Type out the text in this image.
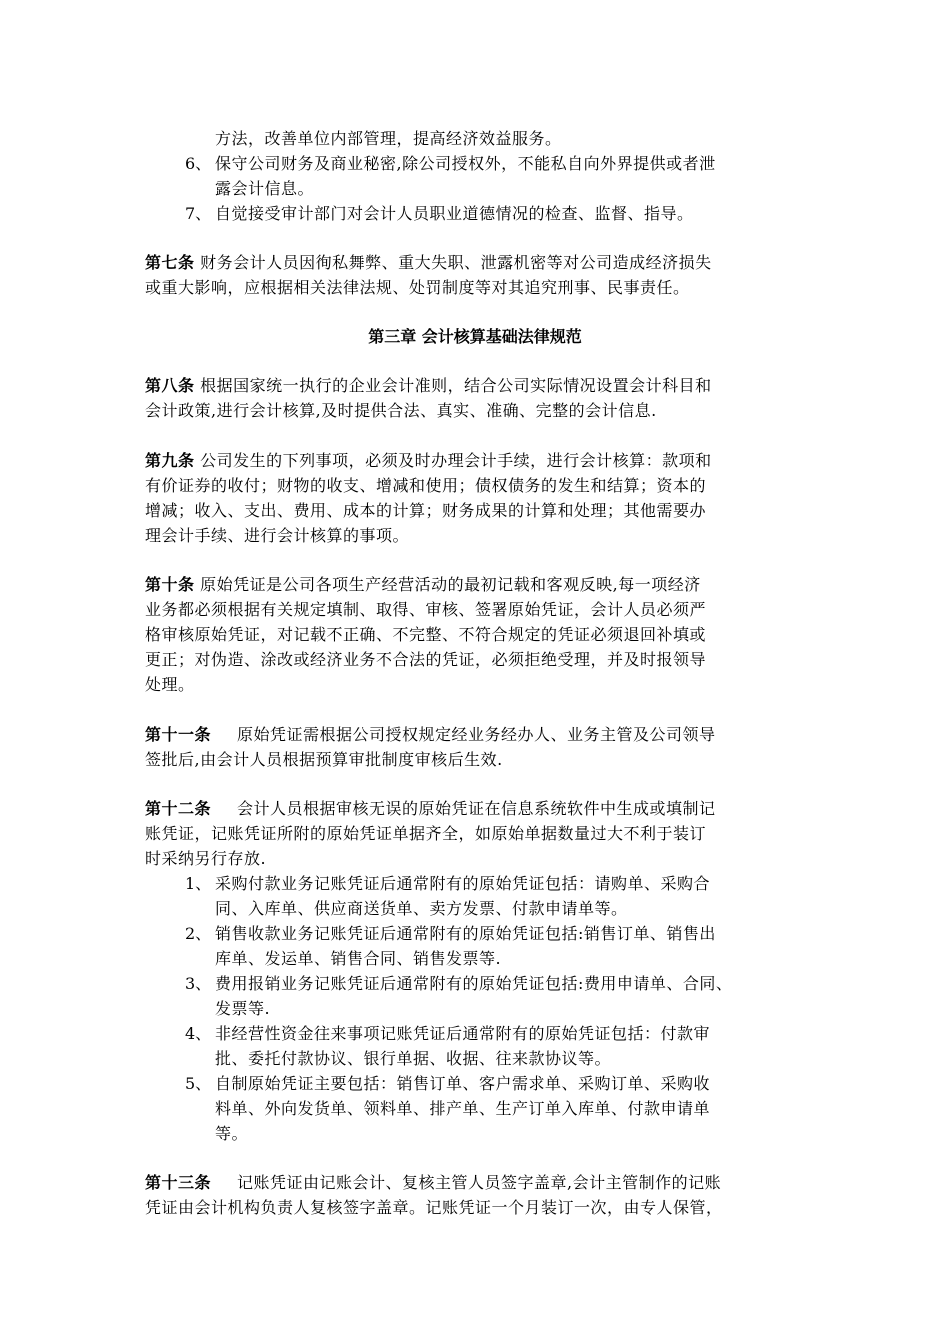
方法，改善单位内部管理，提高经济效益服务。
6、 保守公司财务及商业秘密,除公司授权外，不能私自向外界提供或者泄
露会计信息。
7、 自觉接受审计部门对会计人员职业道德情况的检查、监督、指导。
第七条 财务会计人员因徇私舞弊、重大失职、泄露机密等对公司造成经济损失
或重大影响，应根据相关法律法规、处罚制度等对其追究刑事、民事责任。
第三章 会计核算基础法律规范
第八条 根据国家统一执行的企业会计准则，结合公司实际情况设置会计科目和
会计政策,进行会计核算,及时提供合法、真实、准确、完整的会计信息.
第九条 公司发生的下列事项，必须及时办理会计手续，进行会计核算：款项和
有价证券的收付；财物的收支、增减和使用；债权债务的发生和结算；资本的
增减；收入、支出、费用、成本的计算；财务成果的计算和处理；其他需要办
理会计手续、进行会计核算的事项。
第十条 原始凭证是公司各项生产经营活动的最初记载和客观反映,每一项经济
业务都必须根据有关规定填制、取得、审核、签署原始凭证，会计人员必须严
格审核原始凭证，对记载不正确、不完整、不符合规定的凭证必须退回补填或
更正；对伪造、涂改或经济业务不合法的凭证，必须拒绝受理，并及时报领导
处理。
第十一条 原始凭证需根据公司授权规定经业务经办人、业务主管及公司领导
签批后,由会计人员根据预算审批制度审核后生效.
第十二条 会计人员根据审核无误的原始凭证在信息系统软件中生成或填制记
账凭证，记账凭证所附的原始凭证单据齐全，如原始单据数量过大不利于装订
时采纳另行存放.
1、 采购付款业务记账凭证后通常附有的原始凭证包括：请购单、采购合
同、入库单、供应商送货单、卖方发票、付款申请单等。
2、 销售收款业务记账凭证后通常附有的原始凭证包括:销售订单、销售出
库单、发运单、销售合同、销售发票等.
3、 费用报销业务记账凭证后通常附有的原始凭证包括:费用申请单、合同、
发票等.
4、 非经营性资金往来事项记账凭证后通常附有的原始凭证包括：付款审
批、委托付款协议、银行单据、收据、往来款协议等。
5、 自制原始凭证主要包括：销售订单、客户需求单、采购订单、采购收
料单、外向发货单、领料单、排产单、生产订单入库单、付款申请单
等。
第十三条 记账凭证由记账会计、复核主管人员签字盖章,会计主管制作的记账
凭证由会计机构负责人复核签字盖章。记账凭证一个月装订一次，由专人保管，
